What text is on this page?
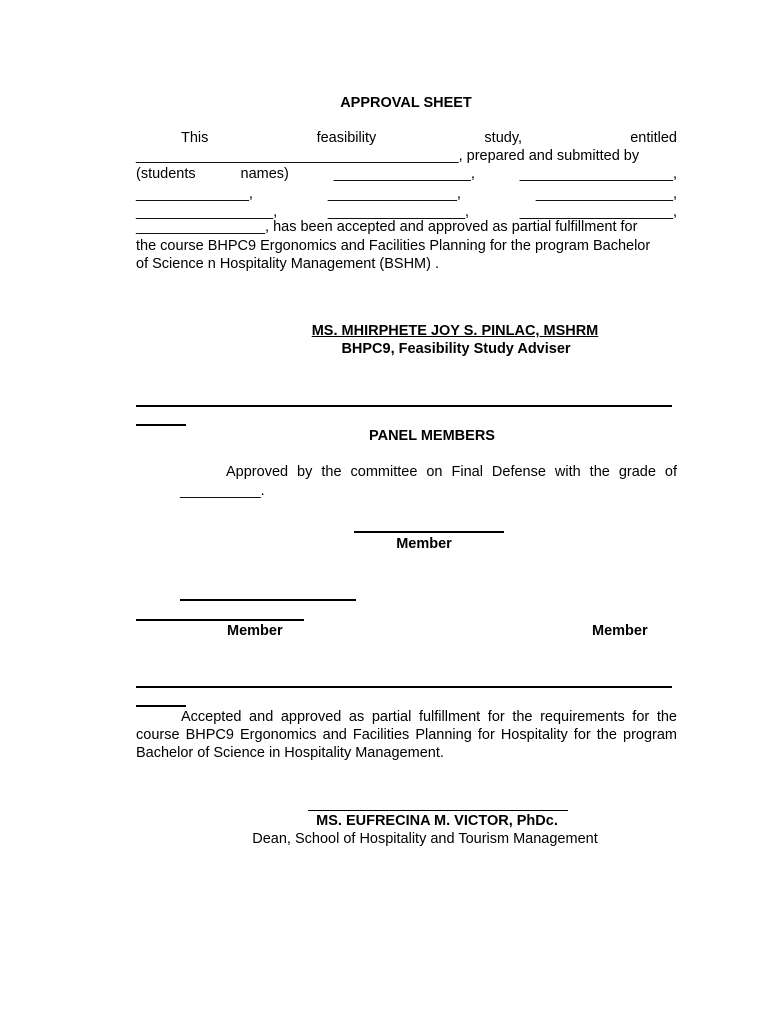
APPROVAL SHEET
This	feasibility	study,	entitled
________________________________________, prepared and submitted by
(students	names)	_________________,	___________________,
______________,	________________,	_________________,
_________________,	_________________,	___________________,
________________, has been accepted and approved as partial fulfillment for
the course BHPC9 Ergonomics and Facilities Planning for the program Bachelor
of Science n Hospitality Management (BSHM) .
MS. MHIRPHETE JOY S. PINLAC, MSHRM
BHPC9, Feasibility Study Adviser
PANEL MEMBERS
Approved by the committee on Final Defense with the grade of
__________.
Member
Member	Member
Accepted and approved as partial fulfillment for the requirements for the
course BHPC9 Ergonomics and Facilities Planning for Hospitality for the program
Bachelor of Science in Hospitality Management.
MS. EUFRECINA M. VICTOR, PhDc.
Dean, School of Hospitality and Tourism Management
